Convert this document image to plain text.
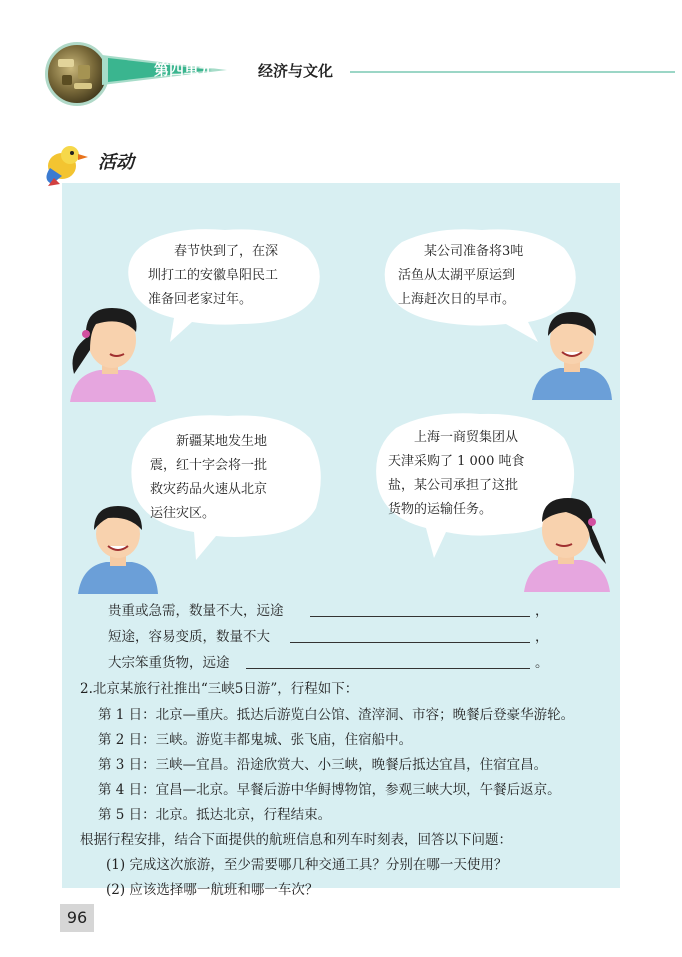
第四单元	经济与文化
活动
春节快到了，在深
圳打工的安徽阜阳民工
准备回老家过年。
某公司准备将3吨
活鱼从太湖平原运到
上海赶次日的早市。
新疆某地发生地
震，红十字会将一批
救灾药品火速从北京
运往灾区。
上海一商贸集团从
天津采购了 1 000 吨食
盐，某公司承担了这批
货物的运输任务。
贵重或急需，数量不大，远途	，
短途，容易变质，数量不大	，
大宗笨重货物，远途	。
2.北京某旅行社推出“三峡5日游”，行程如下：
第 1 日：北京—重庆。抵达后游览白公馆、渣滓洞、市容；晚餐后登豪华游轮。
第 2 日：三峡。游览丰都鬼城、张飞庙，住宿船中。
第 3 日：三峡—宜昌。沿途欣赏大、小三峡，晚餐后抵达宜昌，住宿宜昌。
第 4 日：宜昌—北京。早餐后游中华鲟博物馆，参观三峡大坝，午餐后返京。
第 5 日：北京。抵达北京，行程结束。
根据行程安排，结合下面提供的航班信息和列车时刻表，回答以下问题：
(1) 完成这次旅游，至少需要哪几种交通工具？分别在哪一天使用？
(2) 应该选择哪一航班和哪一车次？
96
